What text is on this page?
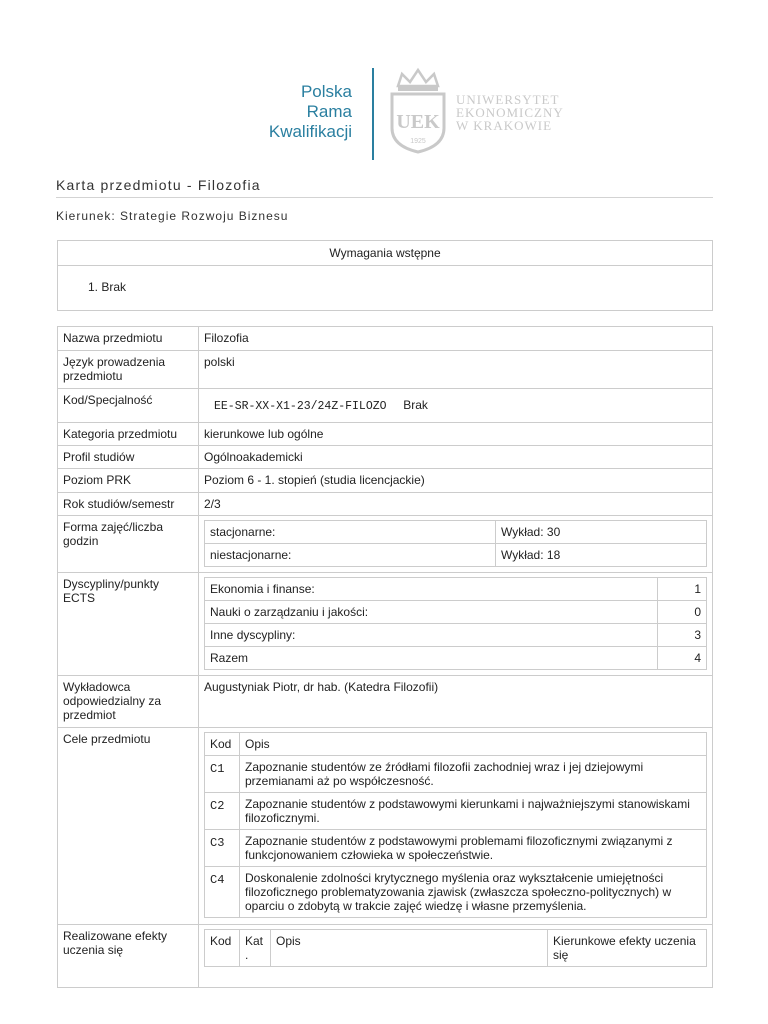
Polska
Rama
Kwalifikacji UEK
1925
UNIWERSYTET
EKONOMICZNY
W KRAKOWIE
Karta przedmiotu - Filozofia
Kierunek: Strategie Rozwoju Biznesu
Wymagania wstępne
1. Brak
Nazwa przedmiotu	Filozofia
Język prowadzenia przedmiotu	polski
Kod/Specjalność	EE-SR-XX-X1-23/24Z-FILOZO Brak
Kategoria przedmiotu	kierunkowe lub ogólne
Profil studiów	Ogólnoakademicki
Poziom PRK	Poziom 6 - 1. stopień (studia licencjackie)
Rok studiów/semestr	2/3
Forma zajęć/liczba godzin	
stacjonarne:	Wykład: 30
niestacjonarne:	Wykład: 18

Dyscypliny/punkty ECTS	
Ekonomia i finanse:	1
Nauki o zarządzaniu i jakości:	0
Inne dyscypliny:	3
Razem	4

Wykładowca odpowiedzialny za przedmiot	Augustyniak Piotr, dr hab. (Katedra Filozofii)
Cele przedmiotu		Kod	Opis
C1	Zapoznanie studentów ze źródłami filozofii zachodniej wraz i jej dziejowymi przemianami aż po współczesność.
C2	Zapoznanie studentów z podstawowymi kierunkami i najważniejszymi stanowiskami filozoficznymi.
C3	Zapoznanie studentów z podstawowymi problemami filozoficznymi związanymi z funkcjonowaniem człowieka w społeczeństwie.
C4	Doskonalenie zdolności krytycznego myślenia oraz wykształcenie umiejętności filozoficznego problematyzowania zjawisk (zwłaszcza społeczno-politycznych) w oparciu o zdobytą w trakcie zajęć wiedzę i własne przemyślenia.

Realizowane efekty uczenia się	
Kod	Kat.	Opis	Kierunkowe efekty uczenia się
